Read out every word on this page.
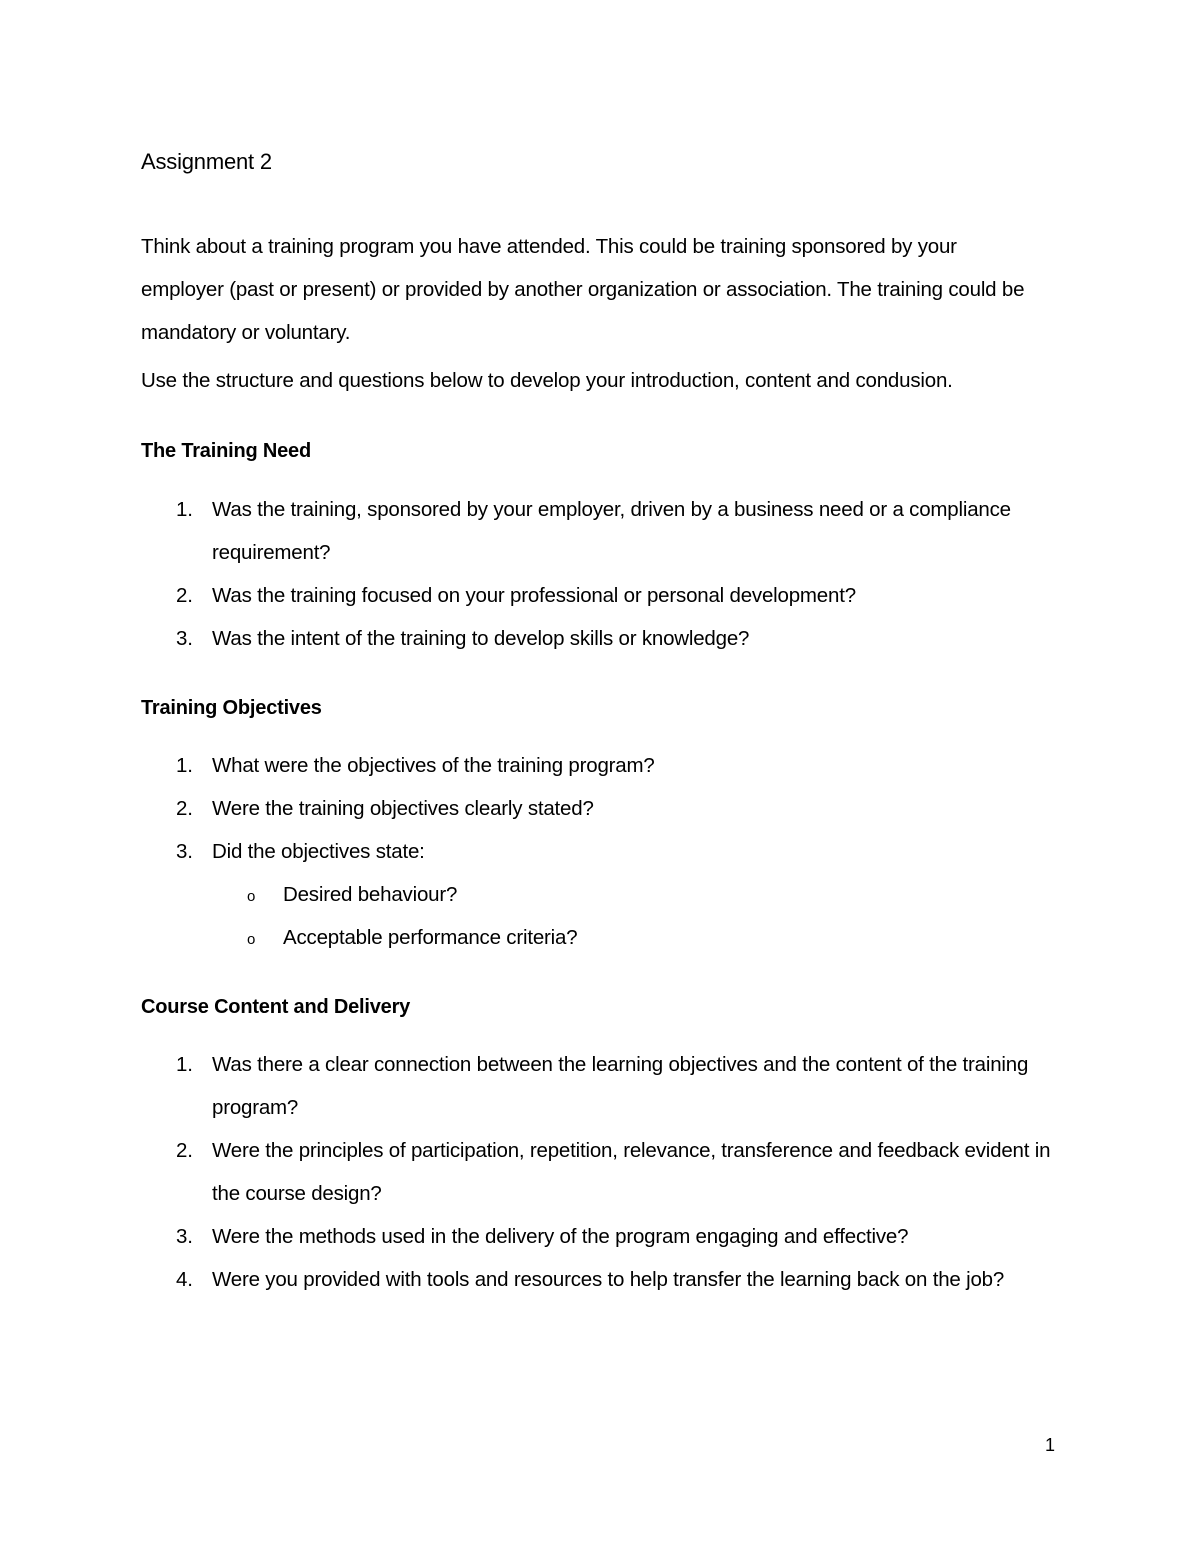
Assignment 2

Think about a training program you have attended. This could be training sponsored by your employer (past or present) or provided by another organization or association. The training could be mandatory or voluntary.

Use the structure and questions below to develop your introduction, content and condusion.

The Training Need
1. Was the training, sponsored by your employer, driven by a business need or a compliance requirement?
2. Was the training focused on your professional or personal development?
3. Was the intent of the training to develop skills or knowledge?
Training Objectives
1. What were the objectives of the training program?
2. Were the training objectives clearly stated?
3. Did the objectives state:
o Desired behaviour?
o Acceptable performance criteria?
Course Content and Delivery
1. Was there a clear connection between the learning objectives and the content of the training program?
2. Were the principles of participation, repetition, relevance, transference and feedback evident in the course design?
3. Were the methods used in the delivery of the program engaging and effective?
4. Were you provided with tools and resources to help transfer the learning back on the job?
1
